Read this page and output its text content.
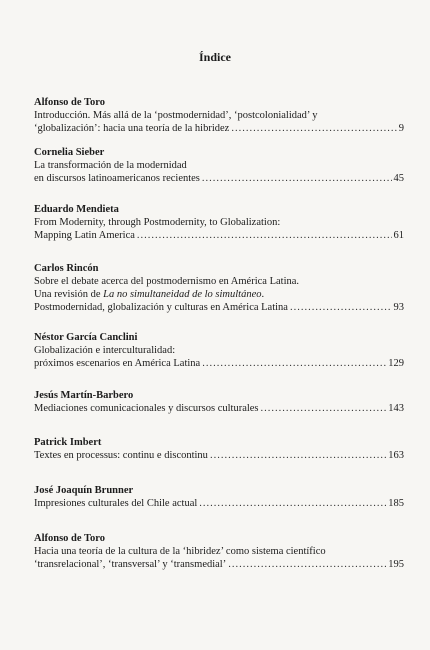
Índice
Alfonso de Toro
Introducción. Más allá de la ‘postmodernidad’, ‘postcolonialidad’ y
‘globalización’: hacia una teoría de la hibridez .....	9
Cornelia Sieber
La transformación de la modernidad
en discursos latinoamericanos recientes .....	45
Eduardo Mendieta
From Modernity, through Postmodernity, to Globalization:
Mapping Latin America .....	61
Carlos Rincón
Sobre el debate acerca del postmodernismo en América Latina.
Una revisión de La no simultaneidad de lo simultáneo.
Postmodernidad, globalización y culturas en América Latina .....	93
Néstor García Canclini
Globalización e interculturalidad:
próximos escenarios en América Latina .....	129
Jesús Martín-Barbero
Mediaciones comunicacionales y discursos culturales .....	143
Patrick Imbert
Textes en processus: continu e discontinu .....	163
José Joaquín Brunner
Impresiones culturales del Chile actual .....	185
Alfonso de Toro
Hacia una teoría de la cultura de la ‘hibridez’ como sistema científico
‘transrelacional’, ‘transversal’ y ‘transmedial’ .....	195
